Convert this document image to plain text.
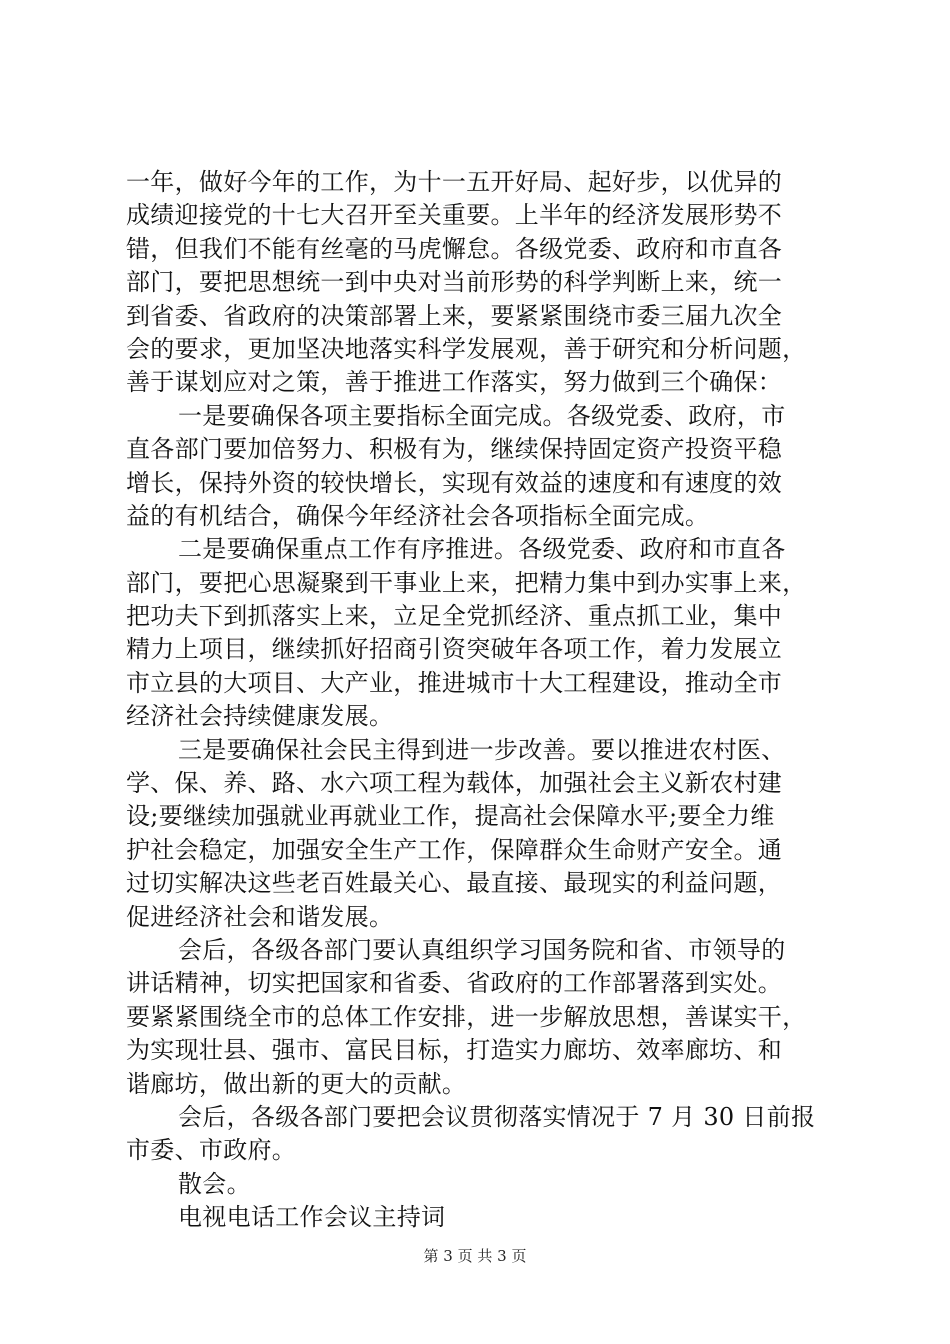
一年，做好今年的工作，为十一五开好局、起好步，以优异的
成绩迎接党的十七大召开至关重要。上半年的经济发展形势不
错，但我们不能有丝毫的马虎懈怠。各级党委、政府和市直各
部门，要把思想统一到中央对当前形势的科学判断上来，统一
到省委、省政府的决策部署上来，要紧紧围绕市委三届九次全
会的要求，更加坚决地落实科学发展观，善于研究和分析问题，
善于谋划应对之策，善于推进工作落实，努力做到三个确保：
一是要确保各项主要指标全面完成。各级党委、政府，市
直各部门要加倍努力、积极有为，继续保持固定资产投资平稳
增长，保持外资的较快增长，实现有效益的速度和有速度的效
益的有机结合，确保今年经济社会各项指标全面完成。
二是要确保重点工作有序推进。各级党委、政府和市直各
部门，要把心思凝聚到干事业上来，把精力集中到办实事上来，
把功夫下到抓落实上来，立足全党抓经济、重点抓工业，集中
精力上项目，继续抓好招商引资突破年各项工作，着力发展立
市立县的大项目、大产业，推进城市十大工程建设，推动全市
经济社会持续健康发展。
三是要确保社会民主得到进一步改善。要以推进农村医、
学、保、养、路、水六项工程为载体，加强社会主义新农村建
设;要继续加强就业再就业工作，提高社会保障水平;要全力维
护社会稳定，加强安全生产工作，保障群众生命财产安全。通
过切实解决这些老百姓最关心、最直接、最现实的利益问题，
促进经济社会和谐发展。
会后，各级各部门要认真组织学习国务院和省、市领导的
讲话精神，切实把国家和省委、省政府的工作部署落到实处。
要紧紧围绕全市的总体工作安排，进一步解放思想，善谋实干，
为实现壮县、强市、富民目标，打造实力廊坊、效率廊坊、和
谐廊坊，做出新的更大的贡献。
会后，各级各部门要把会议贯彻落实情况于 7 月 30 日前报
市委、市政府。
散会。
电视电话工作会议主持词
第 3 页 共 3 页
